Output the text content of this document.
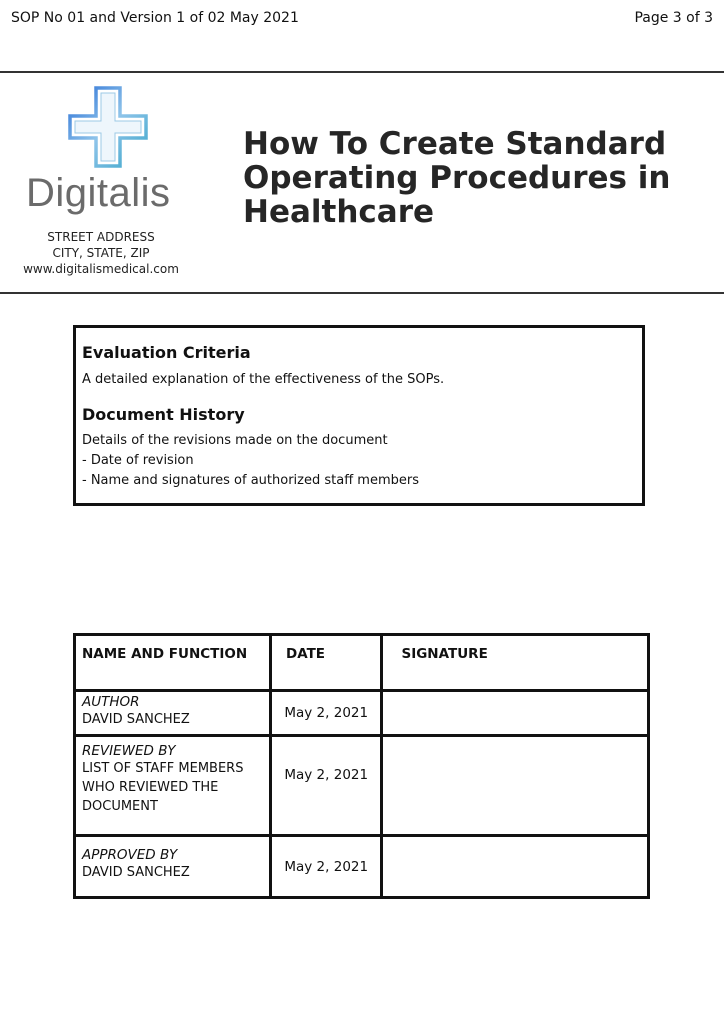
SOP No 01 and Version 1 of 02 May 2021	Page 3 of 3
Digitalis
STREET ADDRESS
CITY, STATE, ZIP
www.digitalismedical.com
How To Create Standard
Operating Procedures in
Healthcare
Evaluation Criteria

A detailed explanation of the effectiveness of the SOPs.

Document History

Details of the revisions made on the document

- Date of revision

- Name and signatures of authorized staff members

NAME AND FUNCTION	DATE	SIGNATURE

AUTHOR
DAVID SANCHEZ	May 2, 2021	

REVIEWED BY
LIST OF STAFF MEMBERS
WHO REVIEWED THE
DOCUMENT	May 2, 2021	

APPROVED BY
DAVID SANCHEZ	May 2, 2021	
